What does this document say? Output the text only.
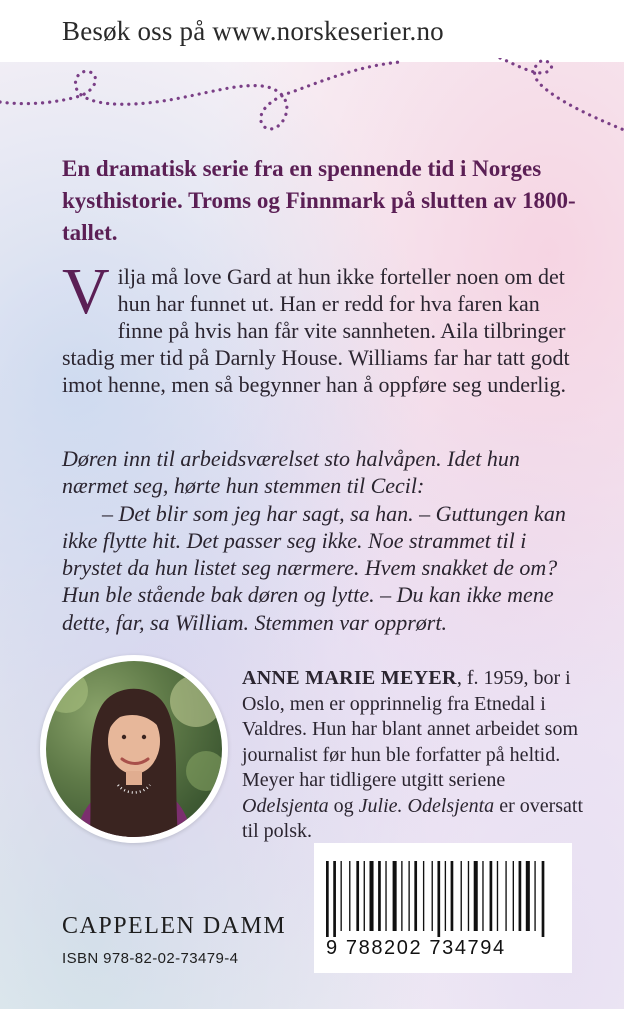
Besøk oss på www.norskeserier.no

En dramatisk serie fra en spennende tid i Norges kysthistorie. Troms og Finnmark på slutten av 1800-tallet.

Vilja må love Gard at hun ikke forteller noen om det hun har funnet ut. Han er redd for hva faren kan finne på hvis han får vite sannheten. Aila tilbringer stadig mer tid på Darnly House. Williams far har tatt godt imot henne, men så begynner han å oppføre seg underlig.

Døren inn til arbeidsværelset sto halvåpen. Idet hun nærmet seg, hørte hun stemmen til Cecil:

– Det blir som jeg har sagt, sa han. – Guttungen kan ikke flytte hit. Det passer seg ikke. Noe strammet til i brystet da hun listet seg nærmere. Hvem snakket de om? Hun ble stående bak døren og lytte. – Du kan ikke mene dette, far, sa William. Stemmen var opprørt.

ANNE MARIE MEYER, f. 1959, bor i Oslo, men er opprinnelig fra Etnedal i Valdres. Hun har blant annet arbeidet som journalist før hun ble forfatter på heltid. Meyer har tidligere utgitt seriene Odelsjenta og Julie. Odelsjenta er oversatt til polsk.
9 788202 734794
CAPPELEN DAMM
ISBN 978-82-02-73479-4
